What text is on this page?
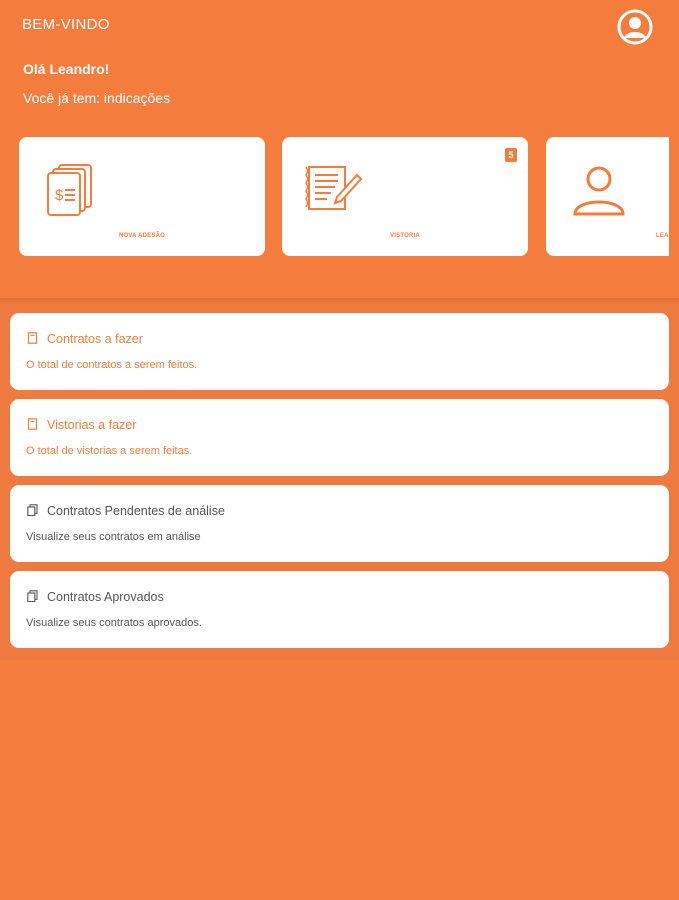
BEM-VINDO
Olá Leandro!
Você já tem: indicações
$
NOVA ADESÃO
5
VISTORIA	LEA
Contratos a fazer
O total de contratos a serem feitos.
Vistorias a fazer
O total de vistorias a serem feitas.
Contratos Pendentes de análise
Visualize seus contratos em análise
Contratos Aprovados
Visualize seus contratos aprovados.
